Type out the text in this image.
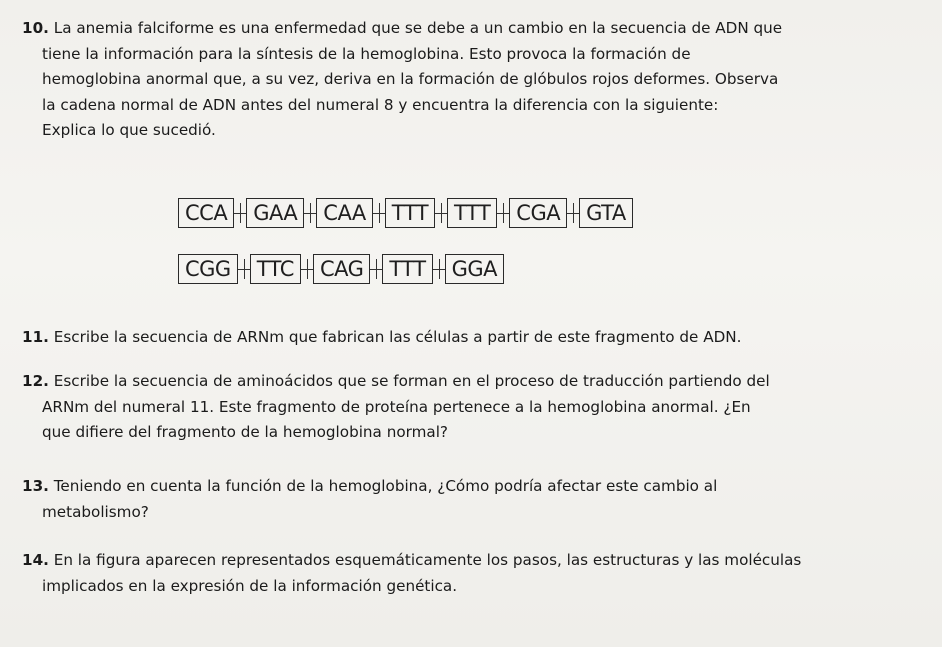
10. La anemia falciforme es una enfermedad que se debe a un cambio en la secuencia de ADN que
tiene la información para la síntesis de la hemoglobina. Esto provoca la formación de
hemoglobina anormal que, a su vez, deriva en la formación de glóbulos rojos deformes. Observa
la cadena normal de ADN antes del numeral 8 y encuentra la diferencia con la siguiente:
Explica lo que sucedió.
CCA	GAA	CAA	TTT	TTT	CGA	GTA
CGG	TTC	CAG	TTT	GGA
11. Escribe la secuencia de ARNm que fabrican las células a partir de este fragmento de ADN.
12. Escribe la secuencia de aminoácidos que se forman en el proceso de traducción partiendo del
ARNm del numeral 11. Este fragmento de proteína pertenece a la hemoglobina anormal. ¿En
que difiere del fragmento de la hemoglobina normal?
13. Teniendo en cuenta la función de la hemoglobina, ¿Cómo podría afectar este cambio al
metabolismo?
14. En la figura aparecen representados esquemáticamente los pasos, las estructuras y las moléculas
implicados en la expresión de la información genética.
